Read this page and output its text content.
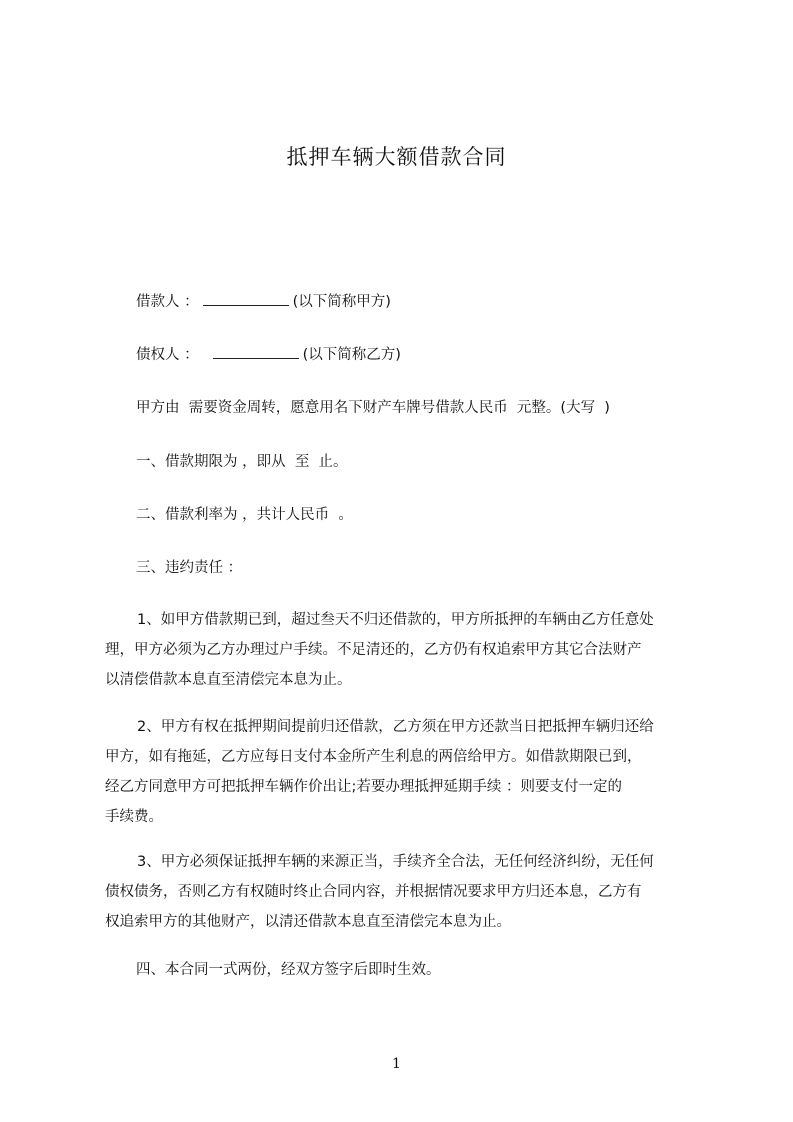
抵押车辆大额借款合同
借款人 ：	(以下简称甲方)
债权人 ：	(以下简称乙方)
甲方由  需要资金周转，愿意用名下财产车牌号借款人民币  元整。(大写  )
一、借款期限为 ，即从  至  止。
二、借款利率为 ，共计人民币  。
三、违约责任 ：

1、如甲方借款期已到，超过叁天不归还借款的，甲方所抵押的车辆由乙方任意处

理，甲方必须为乙方办理过户手续。不足清还的，乙方仍有权追索甲方其它合法财产

以清偿借款本息直至清偿完本息为止。

2、甲方有权在抵押期间提前归还借款，乙方须在甲方还款当日把抵押车辆归还给

甲方，如有拖延，乙方应每日支付本金所产生利息的两倍给甲方。如借款期限已到，

经乙方同意甲方可把抵押车辆作价出让;若要办理抵押延期手续 ：则要支付一定的

手续费。

3、甲方必须保证抵押车辆的来源正当，手续齐全合法，无任何经济纠纷，无任何

债权债务，否则乙方有权随时终止合同内容，并根据情况要求甲方归还本息，乙方有

权追索甲方的其他财产，以清还借款本息直至清偿完本息为止。

四、本合同一式两份，经双方签字后即时生效。
1
